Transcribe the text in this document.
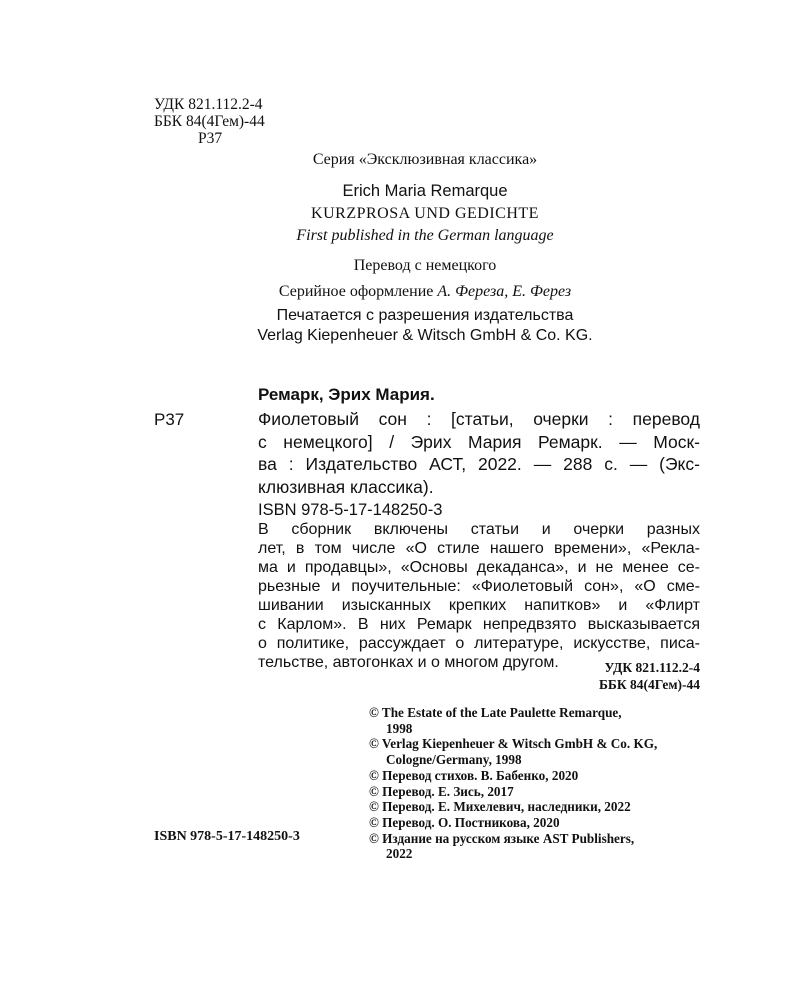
УДК 821.112.2-4
ББК 84(4Гем)-44
Р37
Серия «Эксклюзивная классика»
Erich Maria Remarque
KURZPROSA UND GEDICHTE
First published in the German language
Перевод с немецкого
Серийное оформление А. Фереза, Е. Ферез
Печатается с разрешения издательства
Verlag Kiepenheuer & Witsch GmbH & Co. KG.
Ремарк, Эрих Мария.
Р37	Фиолетовый сон : [статьи, очерки : перевод
с немецкого] / Эрих Мария Ремарк. — Моск-
ва : Издательство АСТ, 2022. — 288 с. — (Экс-
клюзивная классика).
ISBN 978-5-17-148250-3
В сборник включены статьи и очерки разных
лет, в том числе «О стиле нашего времени», «Рекла-
ма и продавцы», «Основы декаданса», и не менее се-
рьезные и поучительные: «Фиолетовый сон», «О сме-
шивании изысканных крепких напитков» и «Флирт
с Карлом». В них Ремарк непредвзято высказывается
о политике, рассуждает о литературе, искусстве, писа-
тельстве, автогонках и о многом другом.	УДК 821.112.2-4
ББК 84(4Гем)-44
© The Estate of the Late Paulette Remarque,
1998
© Verlag Kiepenheuer & Witsch GmbH & Co. KG,
Cologne/Germany, 1998
© Перевод стихов. В. Бабенко, 2020
© Перевод. Е. Зись, 2017
© Перевод. Е. Михелевич, наследники, 2022
© Перевод. О. Постникова, 2020
© Издание на русском языке AST Publishers,
2022
ISBN 978-5-17-148250-3
